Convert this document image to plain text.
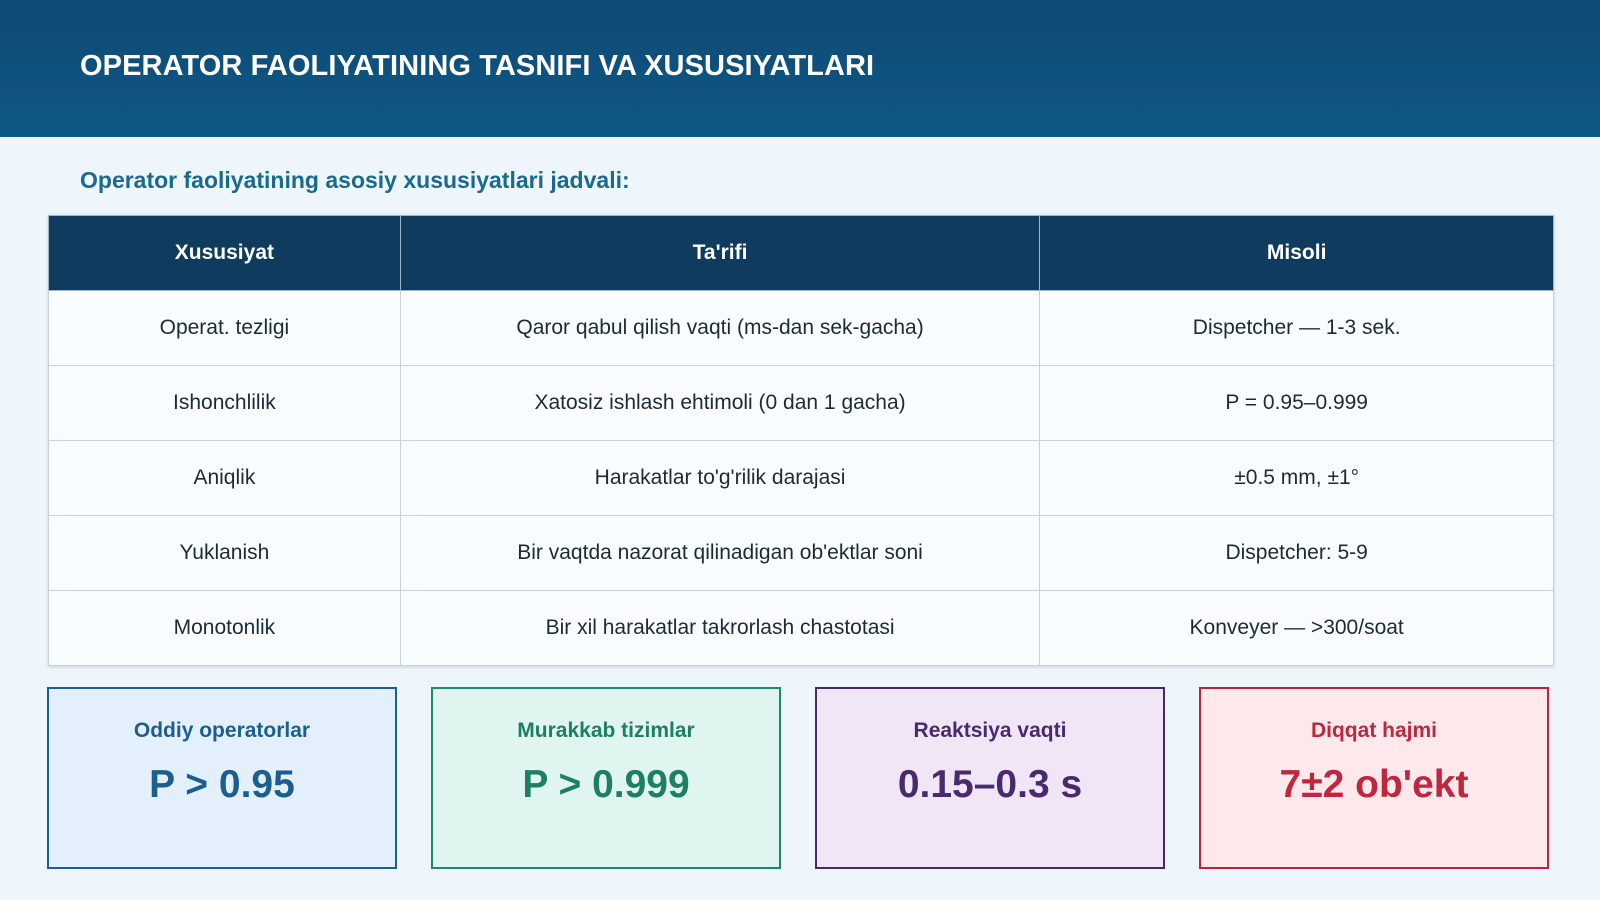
OPERATOR FAOLIYATINING TASNIFI VA XUSUSIYATLARI

Operator faoliyatining asosiy xususiyatlari jadvali:

Xususiyat	Ta'rifi	Misoli
Operat. tezligi	Qaror qabul qilish vaqti (ms-dan sek-gacha)	Dispetcher — 1-3 sek.
Ishonchlilik	Xatosiz ishlash ehtimoli (0 dan 1 gacha)	P = 0.95–0.999
Aniqlik	Harakatlar to'g'rilik darajasi	±0.5 mm, ±1°
Yuklanish	Bir vaqtda nazorat qilinadigan ob'ektlar soni	Dispetcher: 5-9
Monotonlik	Bir xil harakatlar takrorlash chastotasi	Konveyer — >300/soat
Oddiy operatorlar
P > 0.95
Murakkab tizimlar
P > 0.999
Reaktsiya vaqti
0.15–0.3 s
Diqqat hajmi
7±2 ob'ekt
